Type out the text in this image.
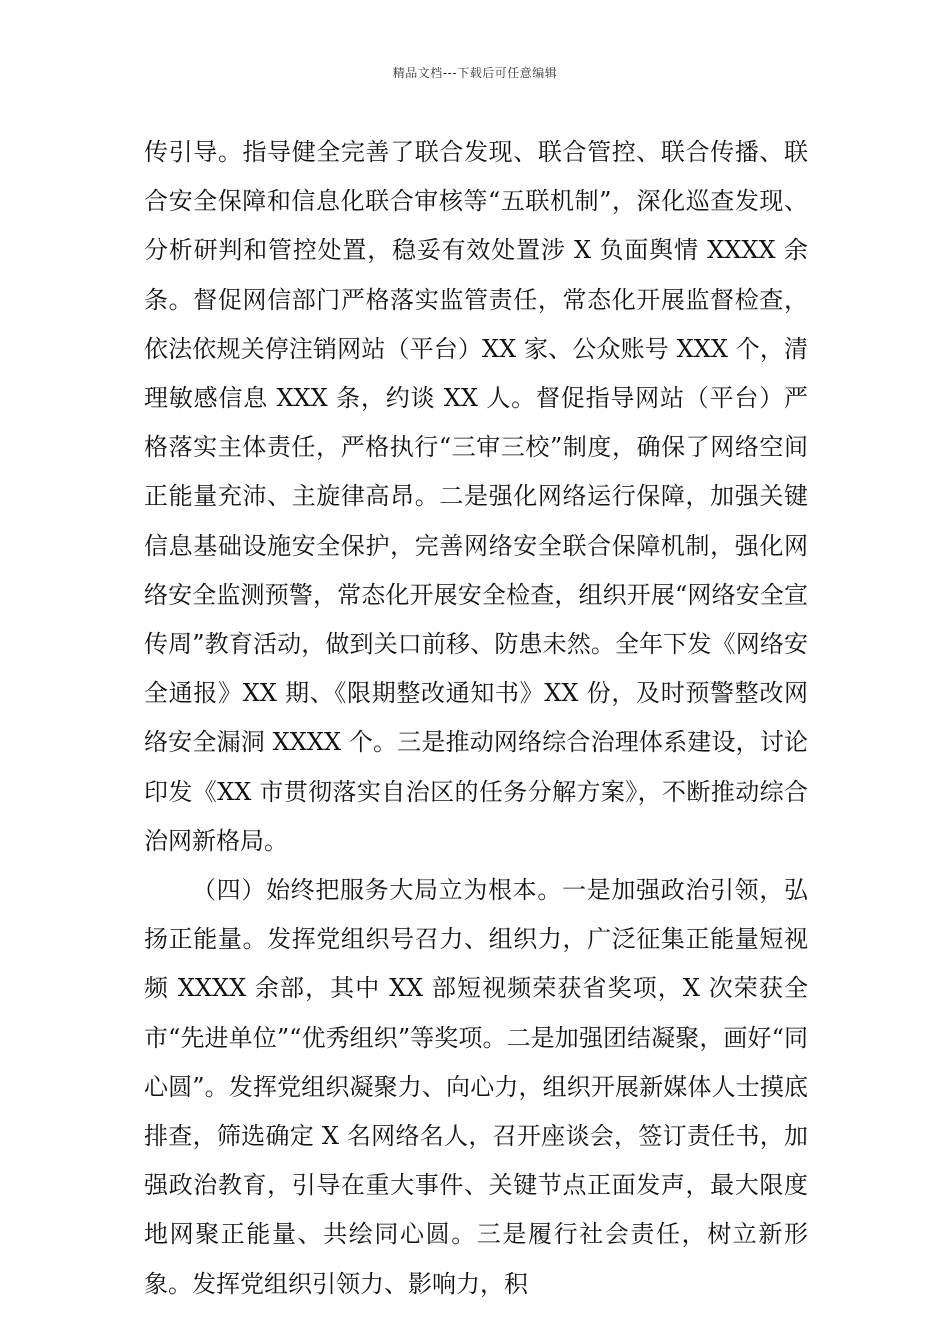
精品文档---下载后可任意编辑

传引导。指导健全完善了联合发现、联合管控、联合传播、联合安全保障和信息化联合审核等“五联机制”，深化巡查发现、分析研判和管控处置，稳妥有效处置涉 X 负面舆情 XXXX 余条。督促网信部门严格落实监管责任，常态化开展监督检查，依法依规关停注销网站（平台）XX 家、公众账号 XXX 个，清理敏感信息 XXX 条，约谈 XX 人。督促指导网站（平台）严格落实主体责任，严格执行“三审三校”制度，确保了网络空间正能量充沛、主旋律高昂。二是强化网络运行保障，加强关键信息基础设施安全保护，完善网络安全联合保障机制，强化网络安全监测预警，常态化开展安全检查，组织开展“网络安全宣传周”教育活动，做到关口前移、防患未然。全年下发《网络安全通报》XX 期、《限期整改通知书》XX 份，及时预警整改网络安全漏洞 XXXX 个。三是推动网络综合治理体系建设，讨论印发《XX 市贯彻落实自治区的任务分解方案》，不断推动综合治网新格局。

（四）始终把服务大局立为根本。一是加强政治引领，弘扬正能量。发挥党组织号召力、组织力，广泛征集正能量短视频 XXXX 余部，其中 XX 部短视频荣获省奖项，X 次荣获全市“先进单位”“优秀组织”等奖项。二是加强团结凝聚，画好“同心圆”。发挥党组织凝聚力、向心力，组织开展新媒体人士摸底排查，筛选确定 X 名网络名人，召开座谈会，签订责任书，加强政治教育，引导在重大事件、关键节点正面发声，最大限度地网聚正能量、共绘同心圆。三是履行社会责任，树立新形象。发挥党组织引领力、影响力，积
